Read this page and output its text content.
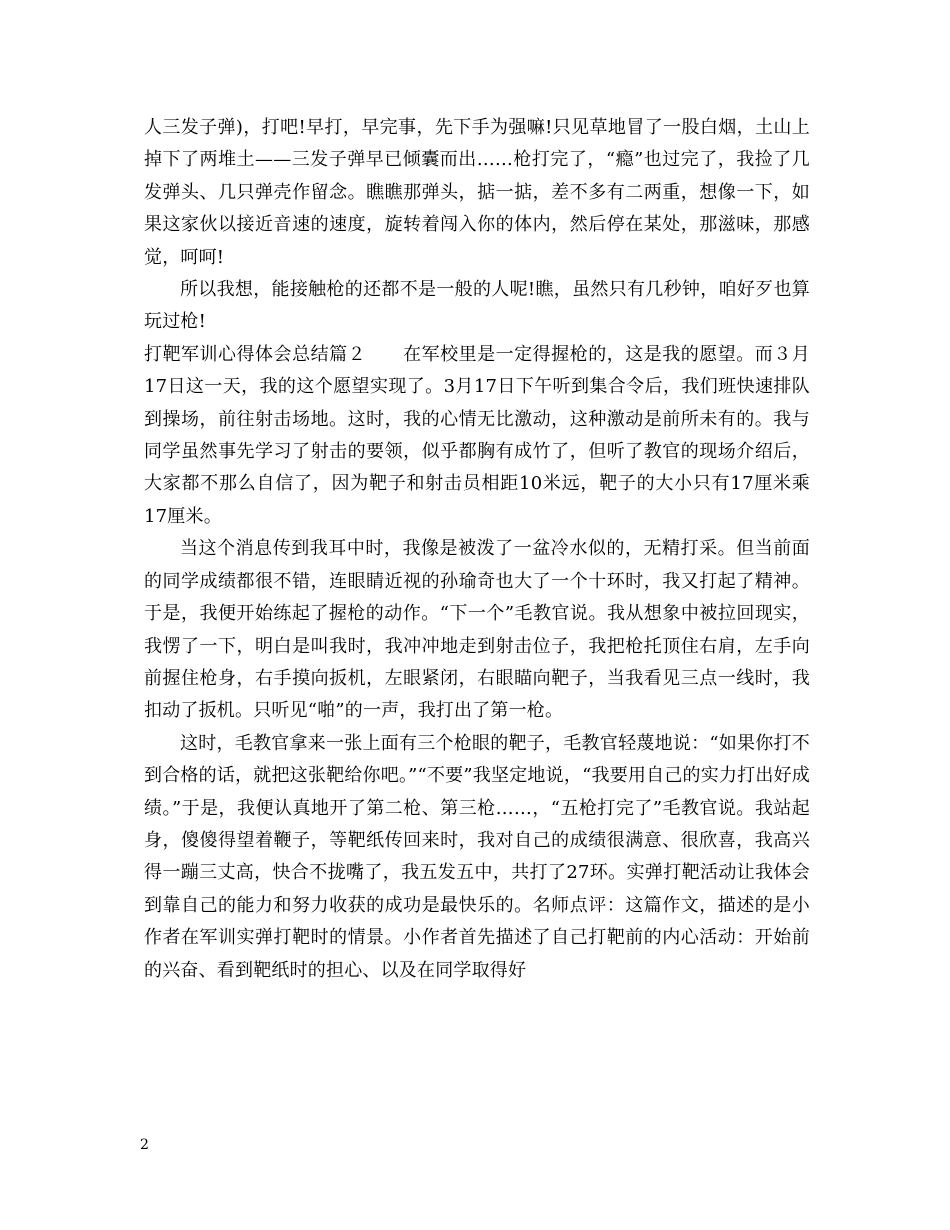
人三发子弹)，打吧!早打，早完事，先下手为强嘛!只见草地冒了一股白烟，土山上掉下了两堆土——三发子弹早已倾囊而出……枪打完了，“瘾”也过完了，我捡了几发弹头、几只弹壳作留念。瞧瞧那弹头，掂一掂，差不多有二两重，想像一下，如果这家伙以接近音速的速度，旋转着闯入你的体内，然后停在某处，那滋味，那感觉，呵呵!

所以我想，能接触枪的还都不是一般的人呢!瞧，虽然只有几秒钟，咱好歹也算玩过枪!

打靶军训心得体会总结篇２　　在军校里是一定得握枪的，这是我的愿望。而３月17日这一天，我的这个愿望实现了。3月17日下午听到集合令后，我们班快速排队到操场，前往射击场地。这时，我的心情无比激动，这种激动是前所未有的。我与同学虽然事先学习了射击的要领，似乎都胸有成竹了，但听了教官的现场介绍后，大家都不那么自信了，因为靶子和射击员相距10米远，靶子的大小只有17厘米乘17厘米。

当这个消息传到我耳中时，我像是被泼了一盆冷水似的，无精打采。但当前面的同学成绩都很不错，连眼睛近视的孙瑜奇也大了一个十环时，我又打起了精神。于是，我便开始练起了握枪的动作。“下一个”毛教官说。我从想象中被拉回现实，我愣了一下，明白是叫我时，我冲冲地走到射击位子，我把枪托顶住右肩，左手向前握住枪身，右手摸向扳机，左眼紧闭，右眼瞄向靶子，当我看见三点一线时，我扣动了扳机。只听见“啪”的一声，我打出了第一枪。

这时，毛教官拿来一张上面有三个枪眼的靶子，毛教官轻蔑地说：“如果你打不到合格的话，就把这张靶给你吧。”“不要”我坚定地说，“我要用自己的实力打出好成绩。”于是，我便认真地开了第二枪、第三枪……，“五枪打完了”毛教官说。我站起身，傻傻得望着鞭子，等靶纸传回来时，我对自己的成绩很满意、很欣喜，我高兴得一蹦三丈高，快合不拢嘴了，我五发五中，共打了27环。实弹打靶活动让我体会到靠自己的能力和努力收获的成功是最快乐的。名师点评：这篇作文，描述的是小作者在军训实弹打靶时的情景。小作者首先描述了自己打靶前的内心活动：开始前的兴奋、看到靶纸时的担心、以及在同学取得好

2
